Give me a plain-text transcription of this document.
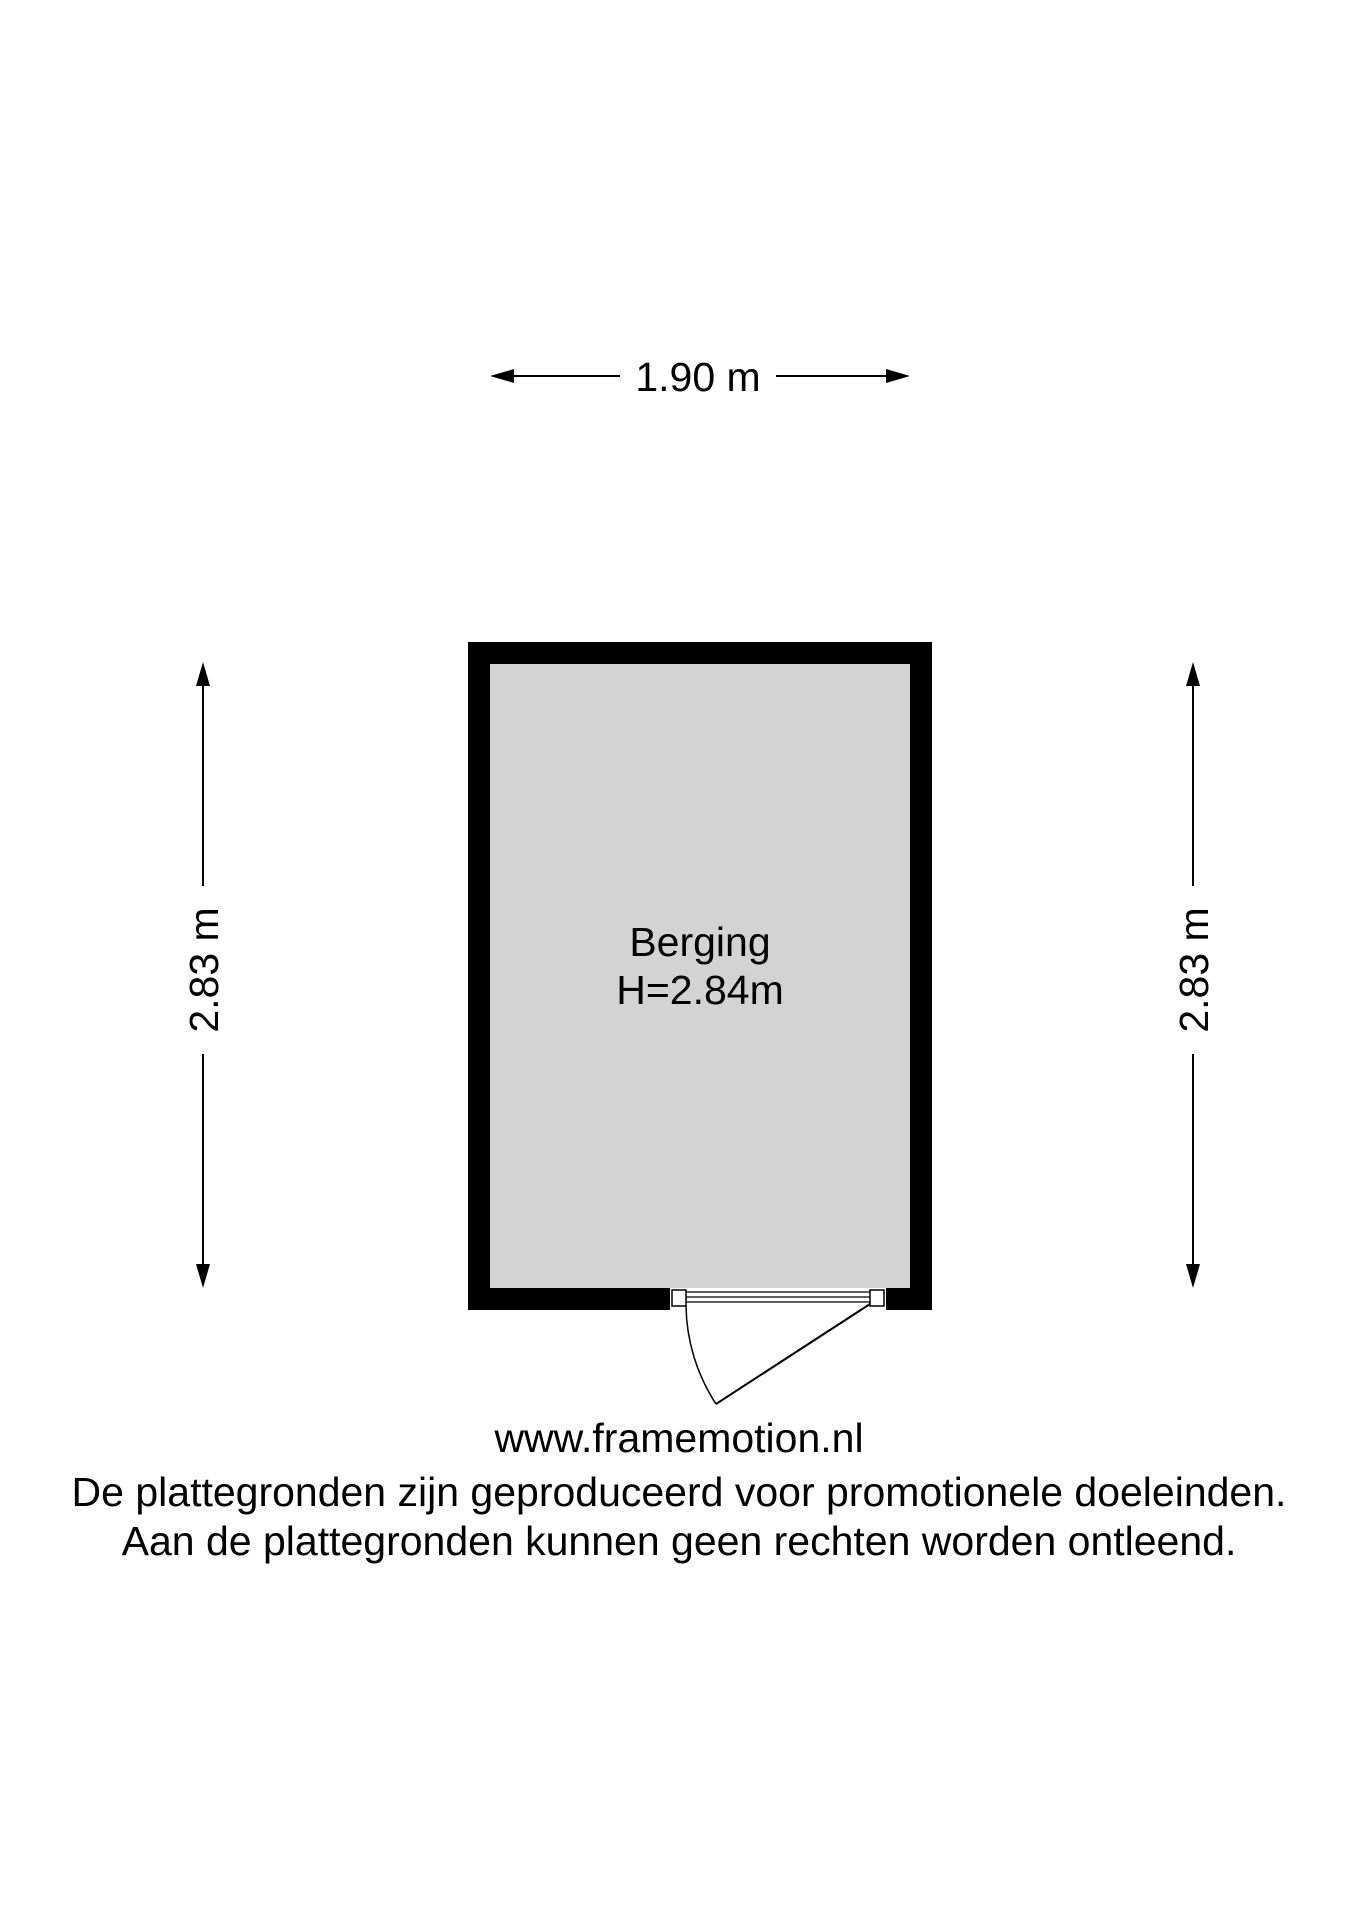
Berging
H=2.84m
1.90 m
2.83 m	2.83 m
www.framemotion.nl
De plattegronden zijn geproduceerd voor promotionele doeleinden.
Aan de plattegronden kunnen geen rechten worden ontleend.
